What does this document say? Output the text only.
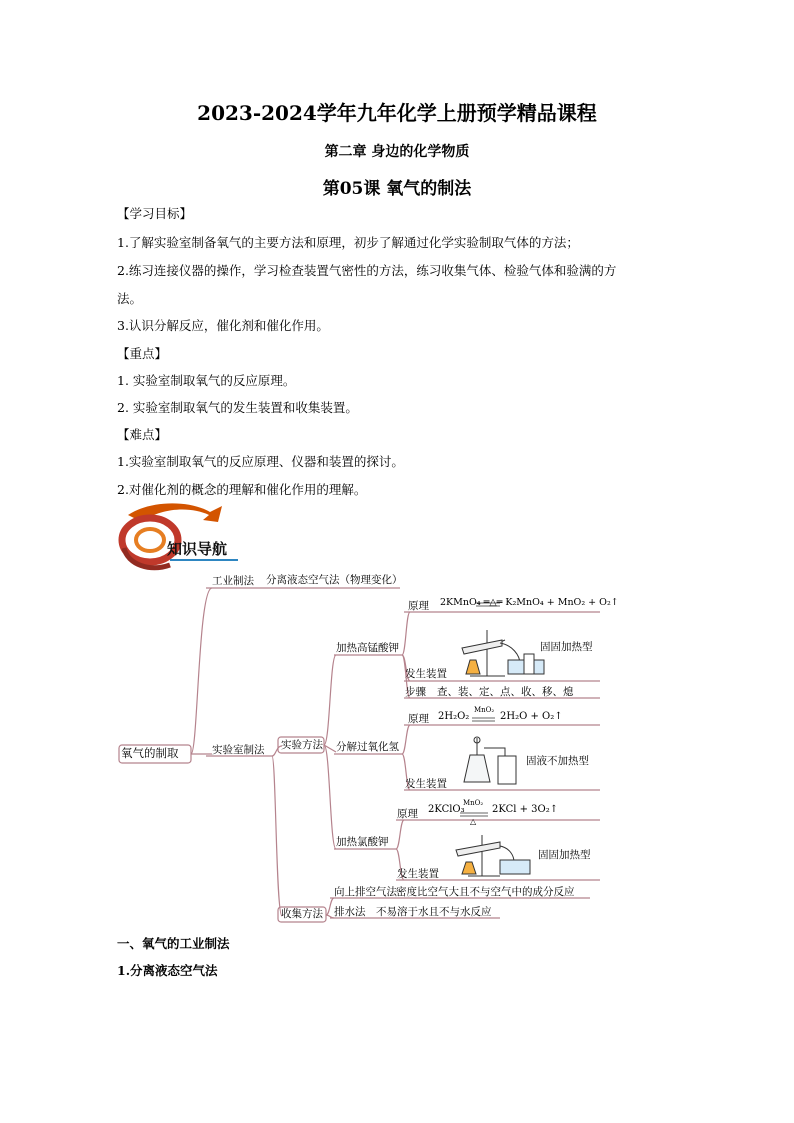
2023-2024学年九年化学上册预学精品课程
第二章 身边的化学物质
第05课 氧气的制法
【学习目标】
1.了解实验室制备氧气的主要方法和原理，初步了解通过化学实验制取气体的方法；
2.练习连接仪器的操作，学习检查装置气密性的方法，练习收集气体、检验气体和验满的方
法。
3.认识分解反应，催化剂和催化作用。
【重点】
1. 实验室制取氧气的反应原理。
2. 实验室制取氧气的发生装置和收集装置。
【难点】
1.实验室制取氧气的反应原理、仪器和装置的探讨。
2.对催化剂的概念的理解和催化作用的理解。
知识导航
氧气的制取
工业制法 分离液态空气法（物理变化）
实验室制法 实验方法
收集方法
加热高锰酸钾
原理 2KMnO₄ ═△═ K₂MnO₄ + MnO₂ + O₂↑
固固加热型
发生装置
步骤 查、装、定、点、收、移、熄
分解过氧化氢
原理 2H₂O₂
MnO₂
2H₂O + O₂↑
固液不加热型
发生装置
加热氯酸钾
原理 2KClO₃
MnO₂
△
2KCl + 3O₂↑
固固加热型
发生装置
向上排空气法 密度比空气大且不与空气中的成分反应
排水法 不易溶于水且不与水反应
一、氧气的工业制法
1.分离液态空气法
